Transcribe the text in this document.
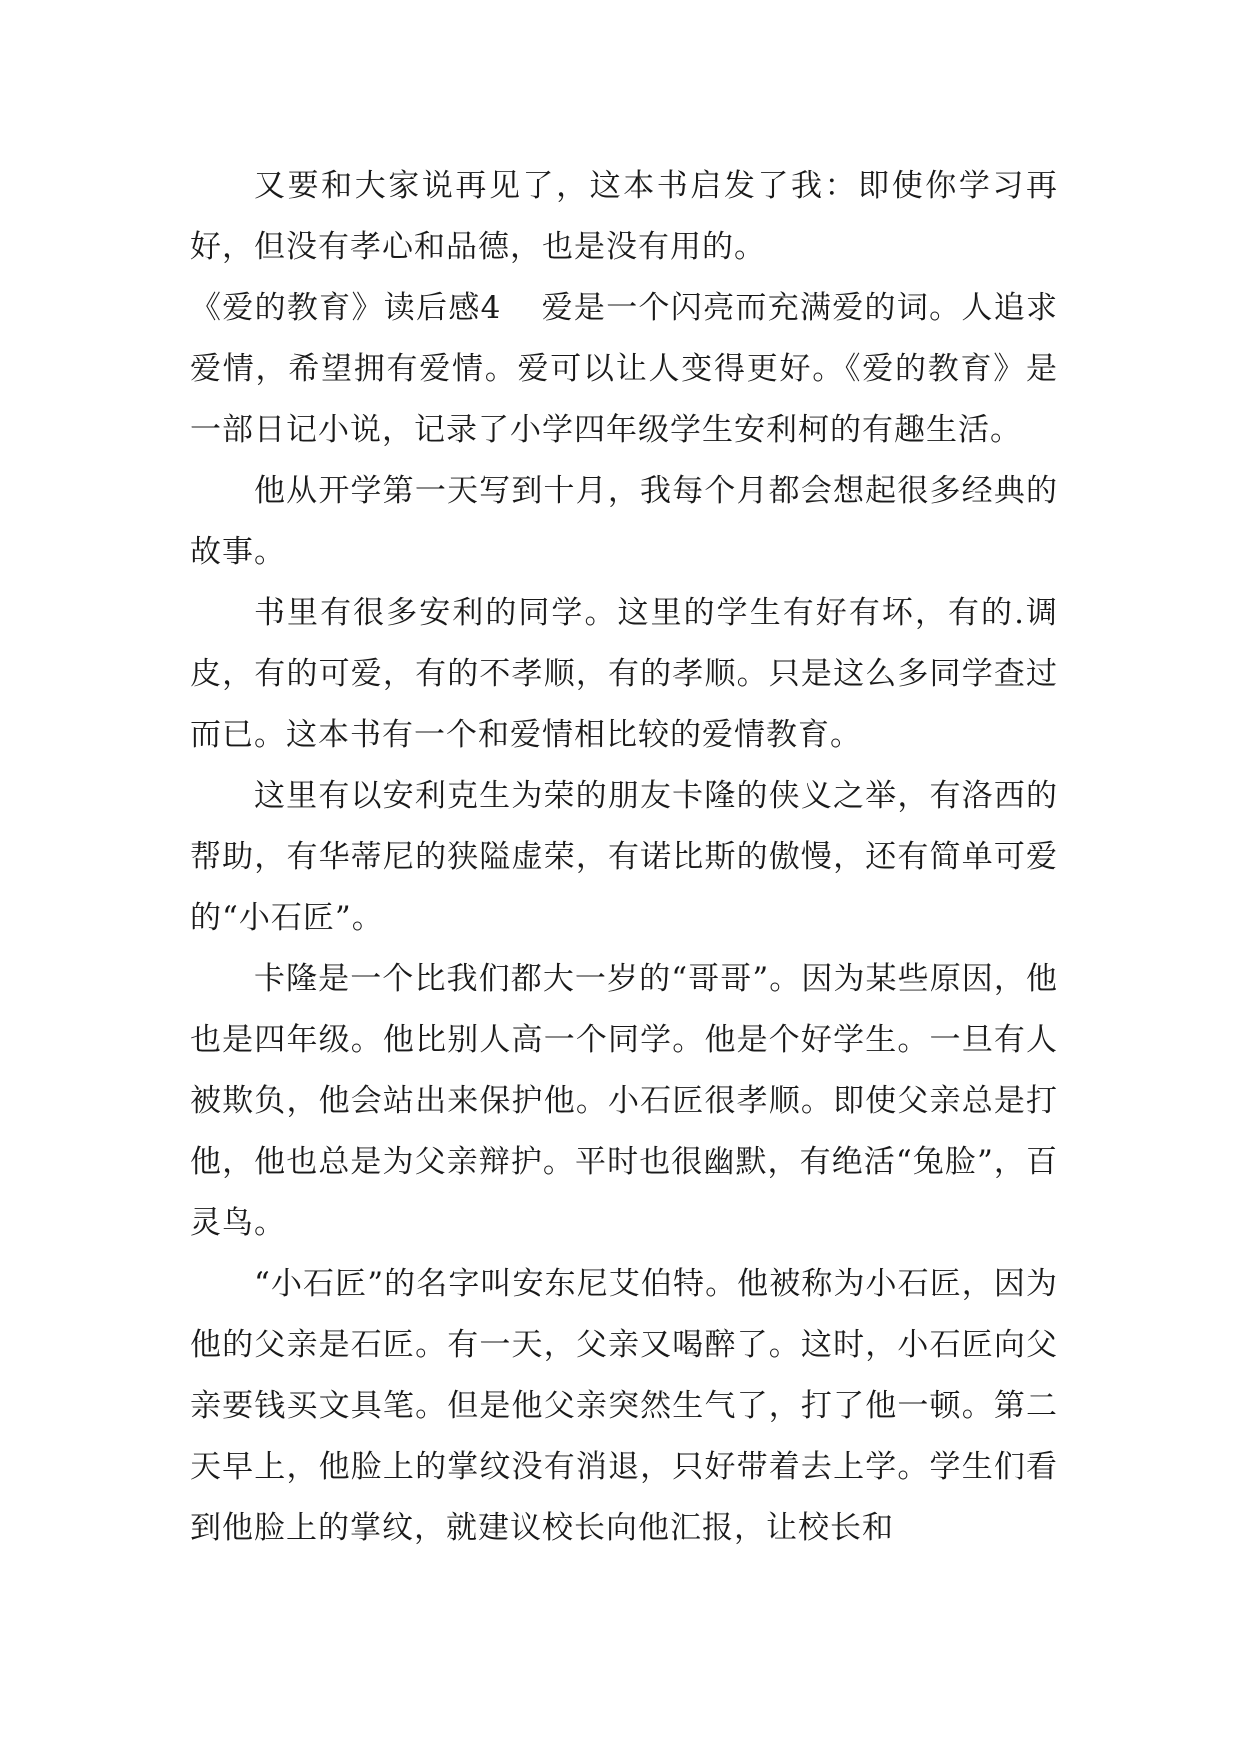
又要和大家说再见了，这本书启发了我：即使你学习再好，但没有孝心和品德，也是没有用的。

《爱的教育》读后感4 爱是一个闪亮而充满爱的词。人追求爱情，希望拥有爱情。爱可以让人变得更好。《爱的教育》是一部日记小说，记录了小学四年级学生安利柯的有趣生活。

他从开学第一天写到十月，我每个月都会想起很多经典的故事。

书里有很多安利的同学。这里的学生有好有坏，有的.调皮，有的可爱，有的不孝顺，有的孝顺。只是这么多同学查过而已。这本书有一个和爱情相比较的爱情教育。

这里有以安利克生为荣的朋友卡隆的侠义之举，有洛西的帮助，有华蒂尼的狭隘虚荣，有诺比斯的傲慢，还有简单可爱的“小石匠”。

卡隆是一个比我们都大一岁的“哥哥”。因为某些原因，他也是四年级。他比别人高一个同学。他是个好学生。一旦有人被欺负，他会站出来保护他。小石匠很孝顺。即使父亲总是打他，他也总是为父亲辩护。平时也很幽默，有绝活“兔脸”，百灵鸟。

“小石匠”的名字叫安东尼艾伯特。他被称为小石匠，因为他的父亲是石匠。有一天，父亲又喝醉了。这时，小石匠向父亲要钱买文具笔。但是他父亲突然生气了，打了他一顿。第二天早上，他脸上的掌纹没有消退，只好带着去上学。学生们看到他脸上的掌纹，就建议校长向他汇报，让校长和
